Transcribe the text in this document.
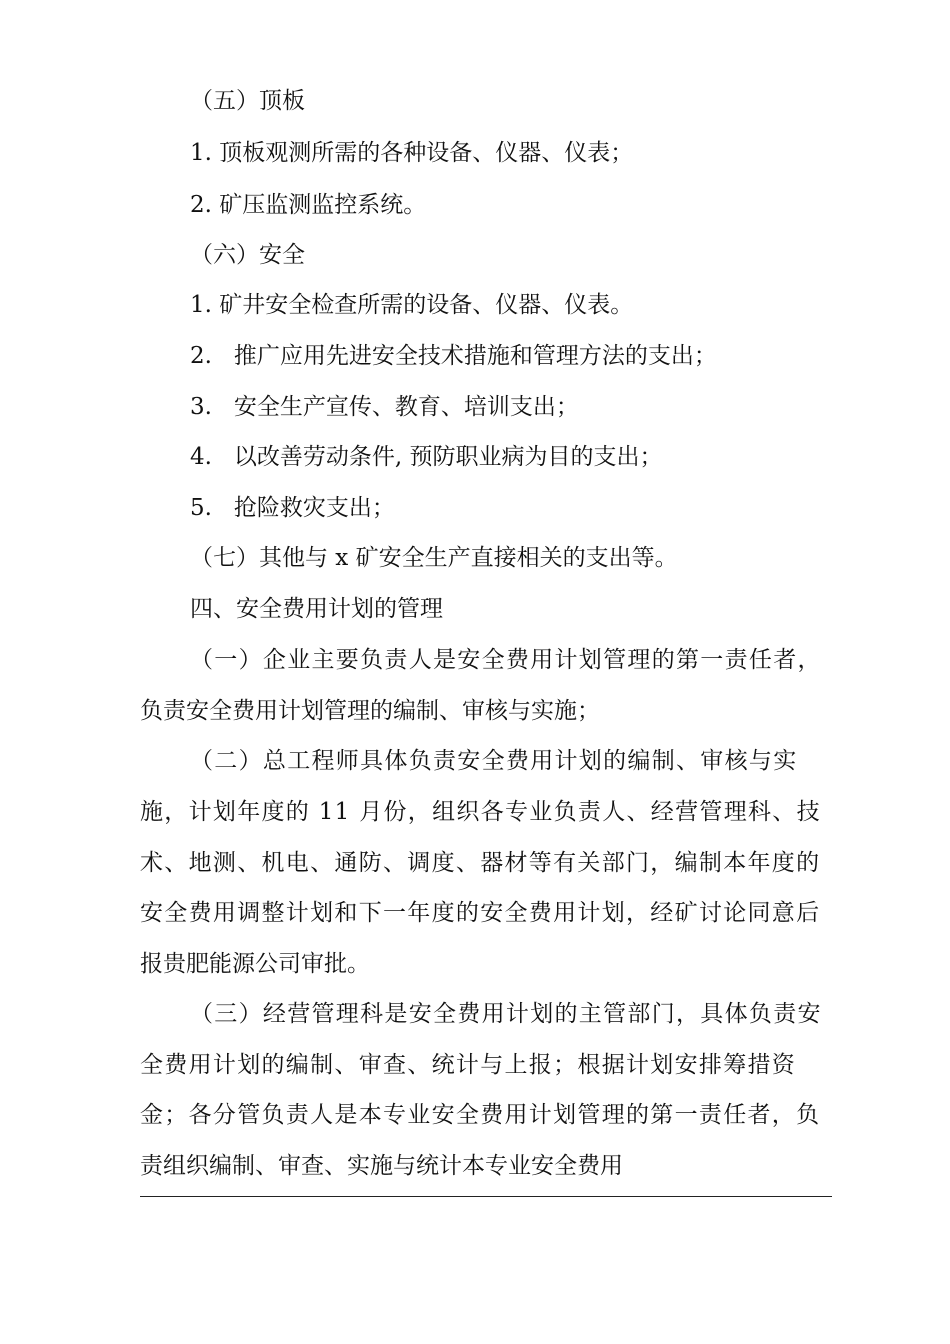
（五）顶板
1. 顶板观测所需的各种设备、仪器、仪表；
2. 矿压监测监控系统。
（六）安全
1. 矿井安全检查所需的设备、仪器、仪表。
2.   推广应用先进安全技术措施和管理方法的支出；
3.   安全生产宣传、教育、培训支出；
4.   以改善劳动条件, 预防职业病为目的支出；
5.   抢险救灾支出；
（七）其他与 x 矿安全生产直接相关的支出等。
四、安全费用计划的管理
（一）企业主要负责人是安全费用计划管理的第一责任者，
负责安全费用计划管理的编制、审核与实施；
（二）总工程师具体负责安全费用计划的编制、审核与实
施，计划年度的 11 月份，组织各专业负责人、经营管理科、技
术、地测、机电、通防、调度、器材等有关部门，编制本年度的
安全费用调整计划和下一年度的安全费用计划，经矿讨论同意后
报贵肥能源公司审批。
（三）经营管理科是安全费用计划的主管部门，具体负责安
全费用计划的编制、审查、统计与上报；根据计划安排筹措资
金；各分管负责人是本专业安全费用计划管理的第一责任者，负
责组织编制、审查、实施与统计本专业安全费用
